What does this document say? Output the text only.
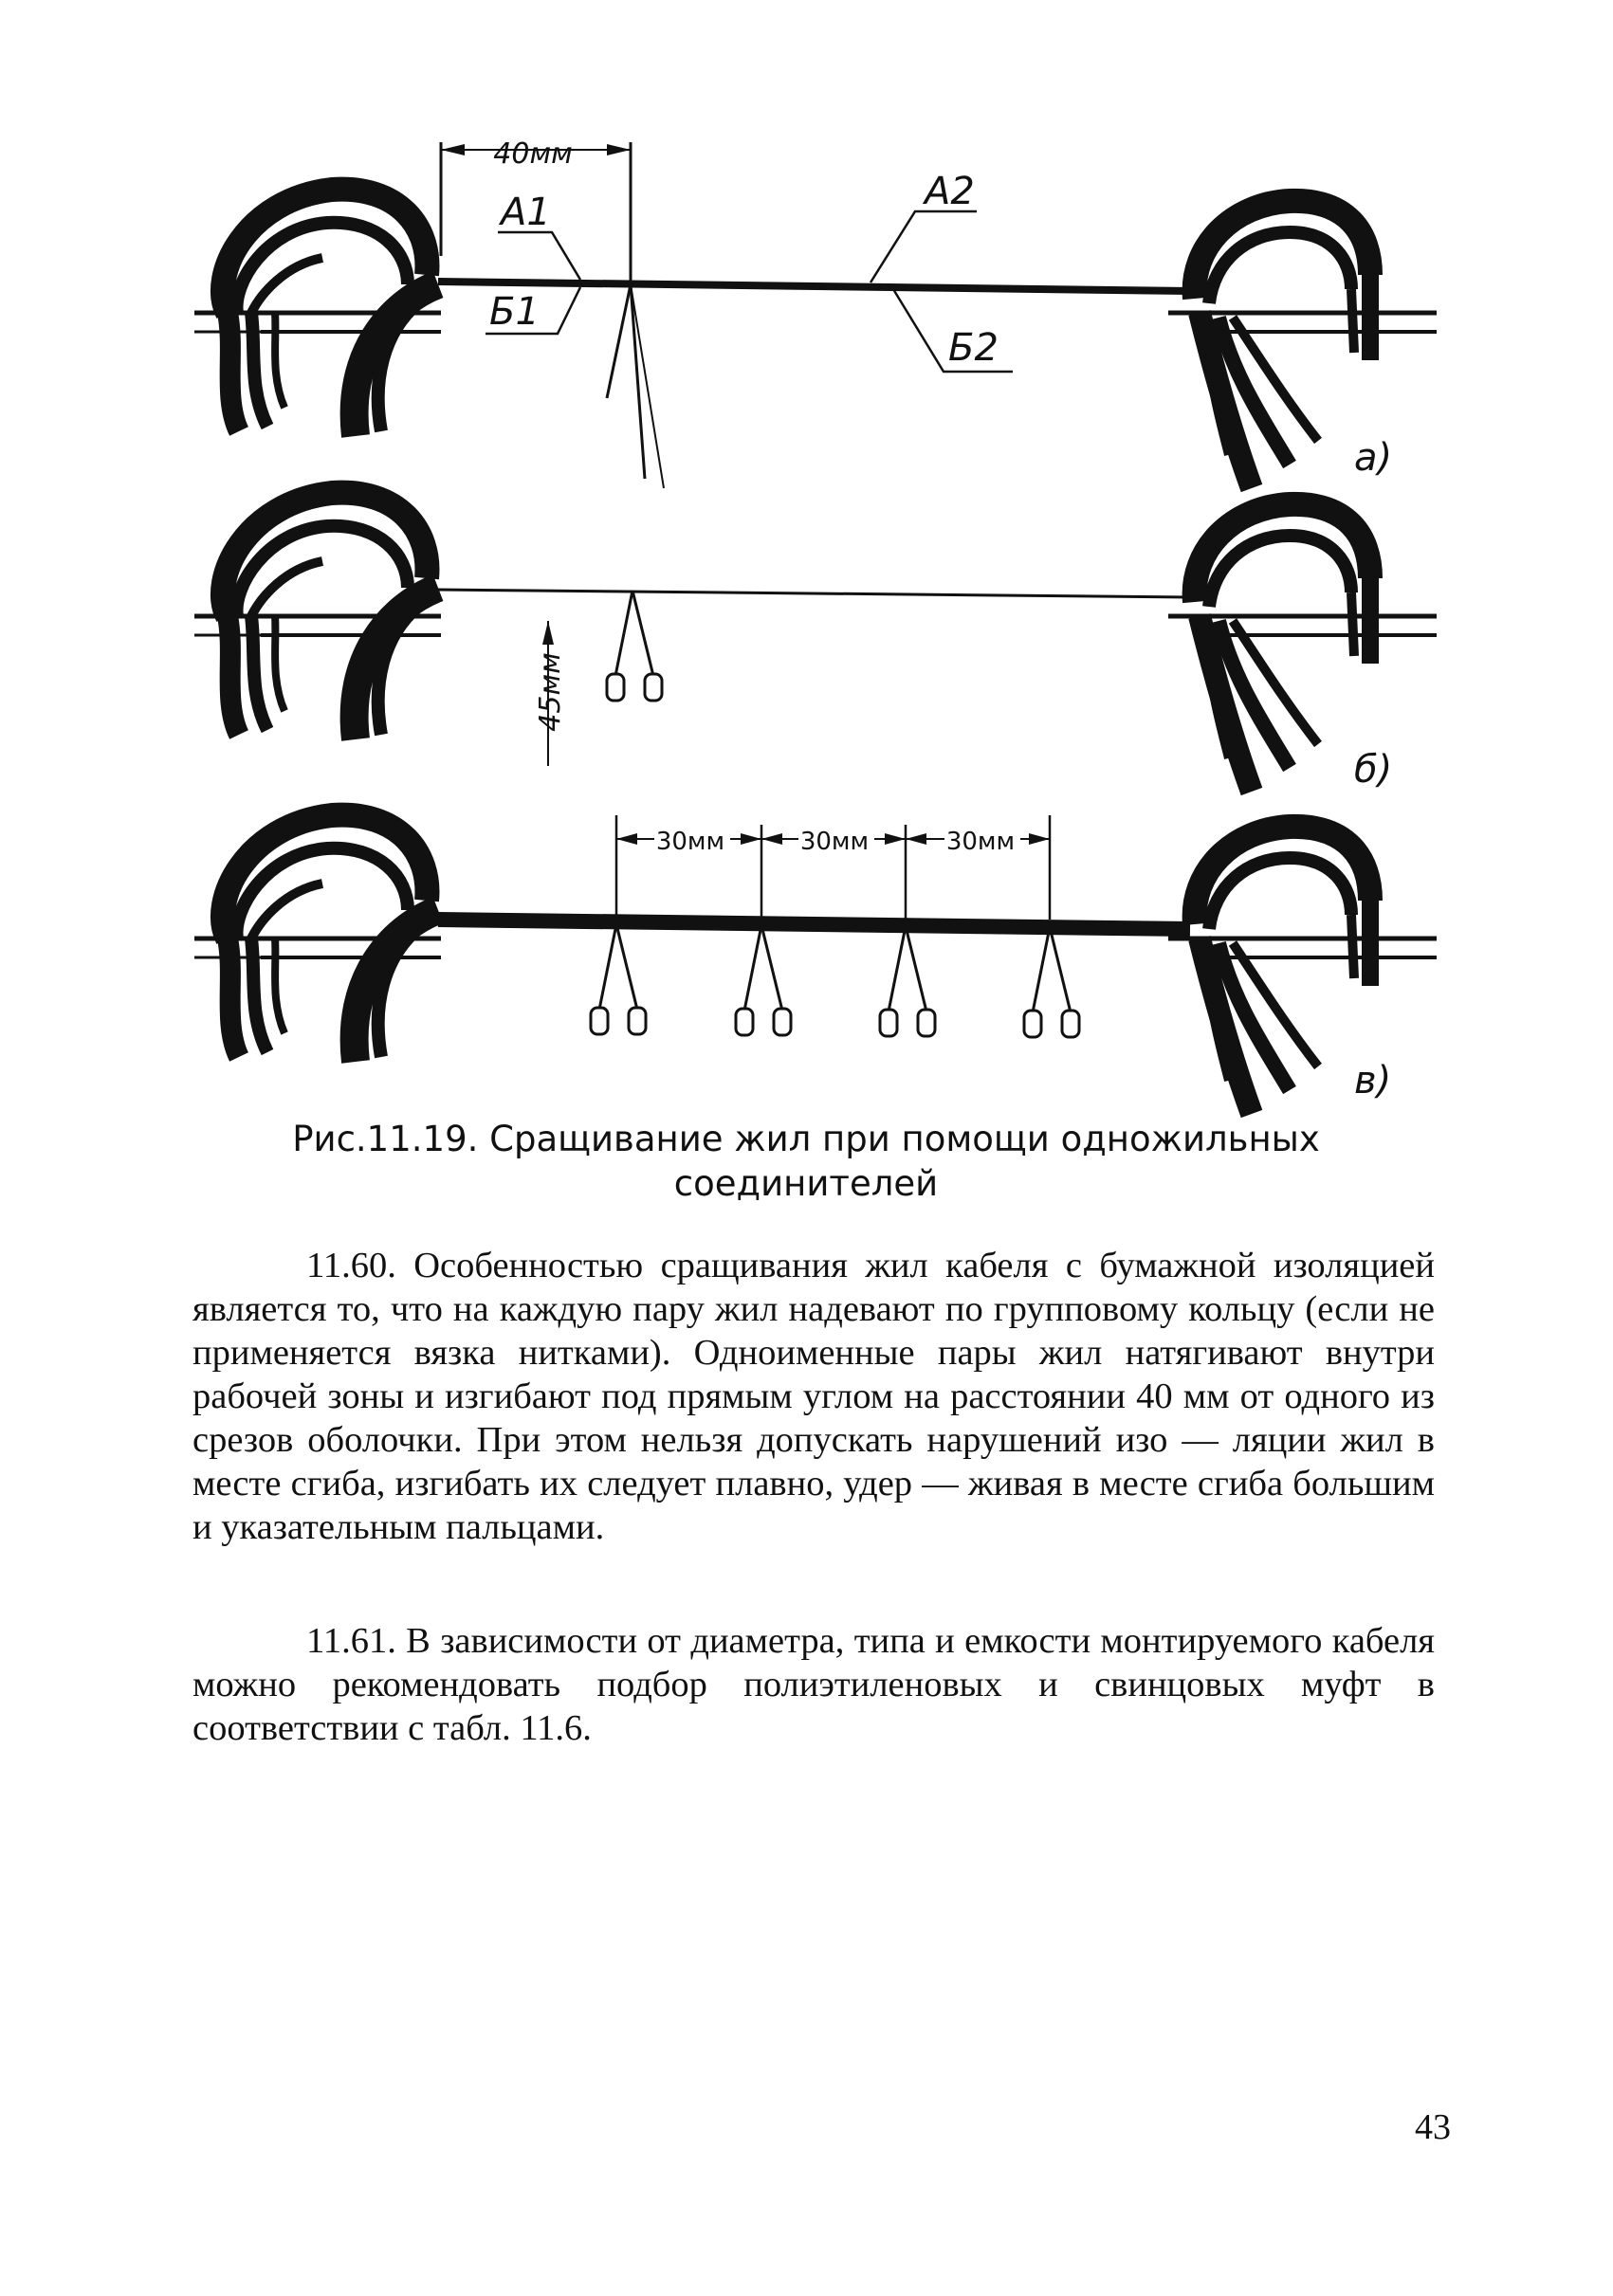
40мм
А1	А2
Б1
Б2
а)
45мм
б)
30мм	30мм	30мм
в)
Рис.11.19. Сращивание жил при помощи одножильных
соединителей

11.60. Особенностью сращивания жил кабеля с бумажной изоляцией является то, что на каждую пару жил надевают по групповому кольцу (если не применяется вязка нитками). Одноименные пары жил натягивают внутри рабочей зоны и изгибают под прямым углом на расстоянии 40 мм от одного из срезов оболочки. При этом нельзя допускать нарушений изо — ляции жил в месте сгиба, изгибать их следует плавно, удер — живая в месте сгиба большим и указательным пальцами.

11.61. В зависимости от диаметра, типа и емкости монтируемого кабеля можно рекомендовать подбор полиэтиленовых и свинцовых муфт в соответствии с табл. 11.6.

43
